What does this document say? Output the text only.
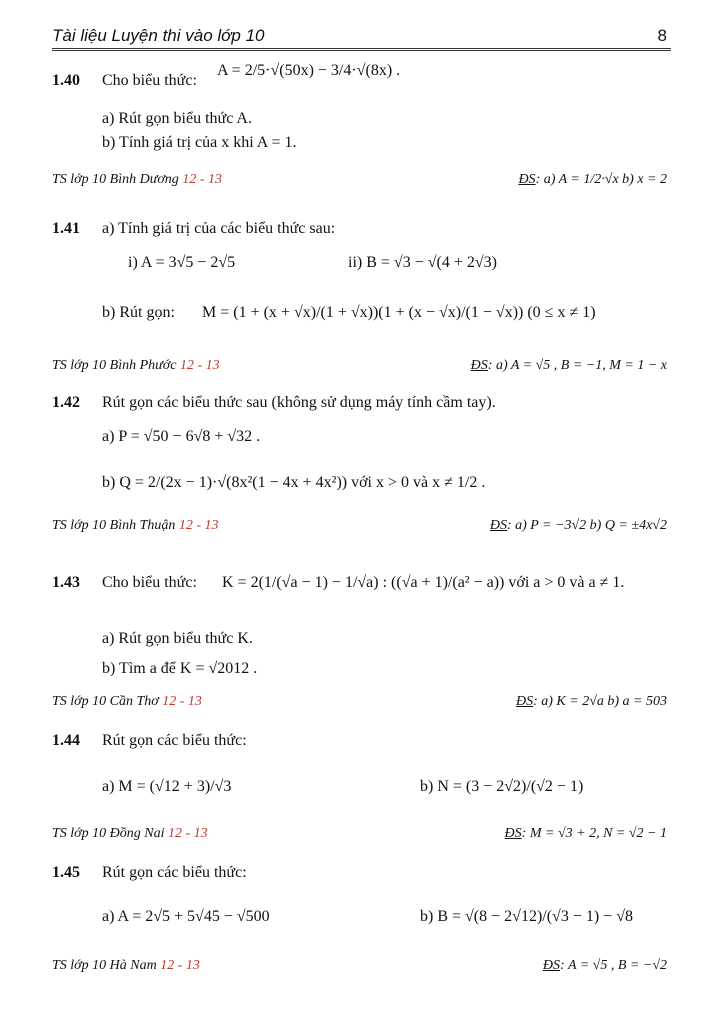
Tài liệu Luyện thi vào lớp 10	8
1.40 Cho biểu thức:
A = 2/5·√(50x) − 3/4·√(8x) .
a) Rút gọn biểu thức A.
b) Tính giá trị của x khi A = 1.
TS lớp 10 Bình Dương 12 - 13	ĐS: a) A = 1/2·√x b) x = 2
1.41 a) Tính giá trị của các biểu thức sau:
i) A = 3√5 − 2√5	ii) B = √3 − √(4 + 2√3)
b) Rút gọn: M = (1 + (x + √x)/(1 + √x))(1 + (x − √x)/(1 − √x)) (0 ≤ x ≠ 1)
TS lớp 10 Bình Phước 12 - 13	ĐS: a) A = √5 , B = −1, M = 1 − x
1.42 Rút gọn các biểu thức sau (không sử dụng máy tính cầm tay).
a) P = √50 − 6√8 + √32 .
b) Q = 2/(2x − 1)·√(8x²(1 − 4x + 4x²)) với x > 0 và x ≠ 1/2 .
TS lớp 10 Bình Thuận 12 - 13	ĐS: a) P = −3√2 b) Q = ±4x√2
1.43 Cho biểu thức: K = 2(1/(√a − 1) − 1/√a) : ((√a + 1)/(a² − a)) với a > 0 và a ≠ 1.
a) Rút gọn biểu thức K.
b) Tìm a để K = √2012 .
TS lớp 10 Cần Thơ 12 - 13	ĐS: a) K = 2√a b) a = 503
1.44 Rút gọn các biểu thức:
a) M = (√12 + 3)/√3	b) N = (3 − 2√2)/(√2 − 1)
TS lớp 10 Đồng Nai 12 - 13	ĐS: M = √3 + 2, N = √2 − 1
1.45 Rút gọn các biểu thức:
a) A = 2√5 + 5√45 − √500	b) B = √(8 − 2√12)/(√3 − 1) − √8
TS lớp 10 Hà Nam 12 - 13	ĐS: A = √5 , B = −√2
